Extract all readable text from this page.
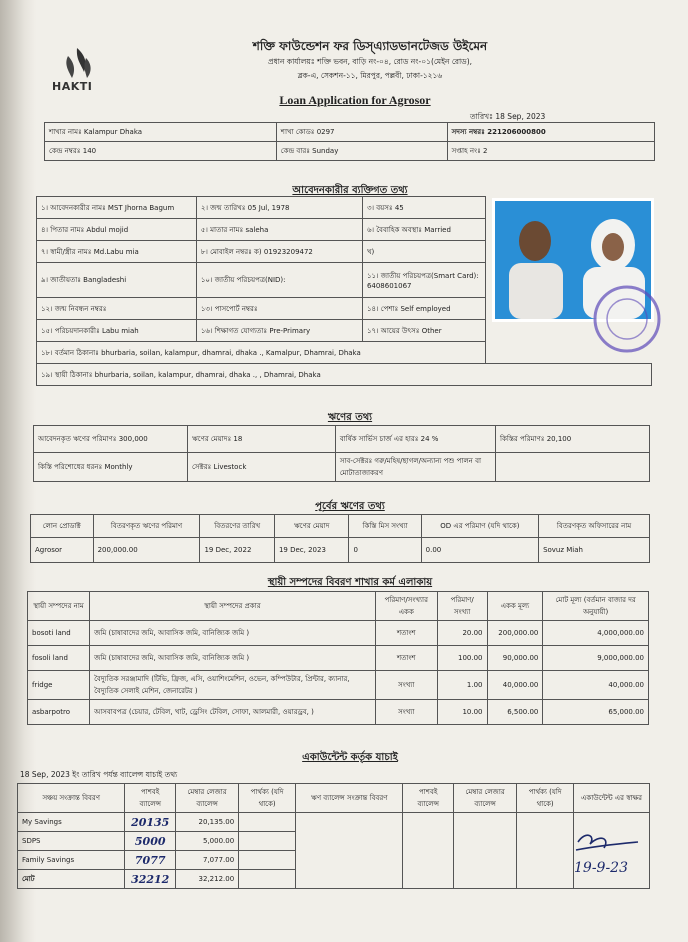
HAKTI
শক্তি ফাউন্ডেশন ফর ডিস্‌এ্যাডভানটেজড উইমেন
প্রধান কার্যালয়ঃ শক্তি ভবন, বাড়ি নং-০৪, রোড নং-০১(মেইন রোড),
ব্লক-এ, সেকশন-১১, মিরপুর, পল্লবী, ঢাকা-১২১৬
Loan Application for Agrosor
তারিখঃ 18 Sep, 2023
শাখার নামঃ Kalampur Dhaka	শাখা কোডঃ 0297	সদস্য নম্বরঃ 221206000800
কেন্দ্র নম্বরঃ 140	কেন্দ্র বারঃ Sunday	সপ্তাহ নংঃ 2
আবেদনকারীর ব্যক্তিগত তথ্য
১। আবেদনকারীর নামঃ MST Jhorna Bagum	২। জন্ম তারিখঃ 05 Jul, 1978	৩। বয়সঃ 45	
৪। পিতার নামঃ Abdul mojid	৫। মাতার নামঃ saleha	৬। বৈবাহিক অবস্থাঃ Married	
৭। স্বামী/স্ত্রীর নামঃ Md.Labu mia	৮। মোবাইল নম্বরঃ ক) 01923209472	খ)	
৯। জাতীয়তাঃ Bangladeshi	১০। জাতীয় পরিচয়পত্র(NID):	১১। জাতীয় পরিচয়পত্র(Smart Card): 6408601067	
১২। জন্ম নিবন্ধন নম্বরঃ	১৩। পাসপোর্ট নম্বরঃ	১৪। পেশাঃ Self employed	
১৫। পরিচয়দানকারীঃ Labu miah	১৬। শিক্ষাগত যোগ্যতাঃ Pre-Primary	১৭। আয়ের উৎসঃ Other	
১৮। বর্তমান ঠিকানাঃ bhurbaria, soilan, kalampur, dhamrai, dhaka ., Kamalpur, Dhamrai, Dhaka			
১৯। স্থায়ী ঠিকানাঃ bhurbaria, soilan, kalampur, dhamrai, dhaka ., , Dhamrai, Dhaka			
ঋণের তথ্য
আবেদনকৃত ঋণের পরিমাণঃ 300,000	ঋণের মেয়াদঃ 18	বার্ষিক সার্ভিস চার্জ এর হারঃ 24 %	কিস্তির পরিমাণঃ 20,100
কিস্তি পরিশোধের ধরনঃ Monthly	সেক্টরঃ Livestock	সাব-সেক্টরঃ গরু/মহিষ/ছাগল/অন্যান্য পশু পালন বা মোটাতাজাকরণ	
পূর্বের ঋণের তথ্য
লোন প্রোডাক্ট	বিতরণকৃত ঋণের পরিমাণ	বিতরণের তারিখ	ঋণের মেয়াদ	কিস্তি মিস সংখ্যা	OD এর পরিমাণ (যদি থাকে)	বিতরণকৃত অফিসারের নাম
Agrosor	200,000.00	19 Dec, 2022	19 Dec, 2023	0	0.00	Sovuz Miah
স্থায়ী সম্পদের বিবরণ শাখার কর্ম এলাকায়
স্থায়ী সম্পদের নাম	স্থায়ী সম্পদের প্রকার	পরিমাণ/সংখ্যার একক	পরিমাণ/ সংখ্যা	একক মূল্য	মোট মূল্য (বর্তমান বাজার দর অনুযায়ী)
bosoti land	জমি (চাষাবাদের জমি, আবাসিক জমি, বানিজ্যিক জমি )	শতাংশ	20.00	200,000.00	4,000,000.00
fosoli land	জমি (চাষাবাদের জমি, আবাসিক জমি, বানিজ্যিক জমি )	শতাংশ	100.00	90,000.00	9,000,000.00
fridge	বৈদ্যুতিক সরঞ্জামাদি (টিভি, ফ্রিজ, এসি, ওয়াশিংমেশিন, ওভেন, কম্পিউটার, প্রিন্টার, ক্যানার, বৈদ্যুতিক সেলাই মেশিন, জেনারেটর )	সংখ্যা	1.00	40,000.00	40,000.00
asbarpotro	আসবাবপত্র (চেয়ার, টেবিল, খাট, ড্রেসিং টেবিল, সোফা, আলমারী, ওয়ারড্রব, )	সংখ্যা	10.00	6,500.00	65,000.00
একাউন্টেন্ট কর্তৃক যাচাই
18 Sep, 2023 ইং তারিখ পর্যন্ত ব্যালেন্স যাচাই তথ্য
সঞ্চয় সংক্রান্ত বিবরণ	পাশবই ব্যালেন্স	মেম্বার লেজার ব্যালেন্স	পার্থক্য (যদি থাকে)	ঋণ ব্যালেন্স সংক্রান্ত বিবরণ	পাশবই ব্যালেন্স	মেম্বার লেজার ব্যালেন্স	পার্থক্য (যদি থাকে)	একাউন্টেন্ট এর স্বাক্ষর
My Savings	20135	20,135.00						
SDPS	5000	5,000.00						
Family Savings	7077	7,077.00						
মোট	32212	32,212.00						
19-9-23
